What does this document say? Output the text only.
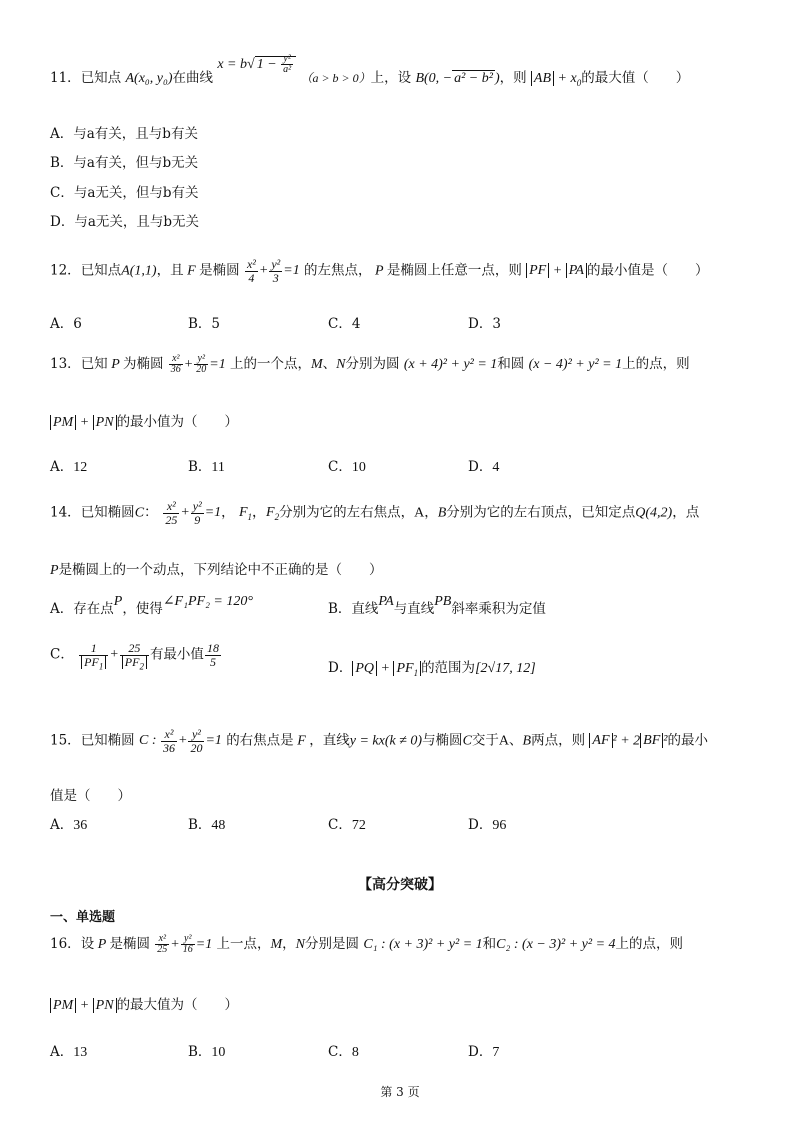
11．已知点 A(x₀, y₀)在曲线 x = b√ $1 - \frac{\text{y²}}{\text{a²}}$
（a > b > 0）上，设 B(0, − a² − b² )，则 AB + $x_0$的最大值（　　）
A．与a有关，且与b有关
B．与a有关，但与b无关
C．与a无关，但与b有关
D．与a无关，且与b无关
12．已知点A(1,1)，且 F 是椭圆 $\frac{\text{x²}}{4} + \frac{\text{y²}}{3} =1$ 的左焦点， P 是椭圆上任意一点，则 PF + PA 的最小值是（　　）
A．6	B．5	C．4	D．3
13．已知 P 为椭圆 $\frac{\text{x²}}{36} + \frac{\text{y²}}{20} =1$ 上的一个点，M、N分别为圆 (x + 4)² + y² = 1和圆 (x − 4)² + y² = 1上的点，则
PM + PN 的最小值为（　　）
A．12	B．11	C．10	D．4
14．已知椭圆C： $\frac{\text{x²}}{25} + \frac{\text{y²}}{9} =1$， $F_1$，$F_2$分别为它的左右焦点，A，B分别为它的左右顶点，已知定点Q(4,2)，点
P是椭圆上的一个动点，下列结论中不正确的是（　　）
A．存在点P，使得∠F₁PF₂ = 120°	B．直线PA与直线PB斜率乘积为定值
C． $\frac{1}{PF_1} + \frac{25}{PF_2}$ 有最小值 $\frac{18}{5}$	D． PQ + $PF_1$ 的范围为[2√17, 12]
15．已知椭圆 C : $\frac{\text{x²}}{36} + \frac{\text{y²}}{20} =1$ 的右焦点是 F ，直线y = kx(k ≠ 0)与椭圆C交于A、B两点，则 AF ² + 2 BF ²的最小
值是（　　）
A．36	B．48	C．72	D．96
【高分突破】
一、单选题
16．设 P 是椭圆 $\frac{\text{x²}}{25} + \frac{\text{y²}}{16} =1$ 上一点，M，N分别是圆 C₁ : (x + 3)² + y² = 1和C₂ : (x − 3)² + y² = 4上的点，则
PM + PN 的最大值为（　　）
A．13	B．10	C．8	D．7
第 3 页
